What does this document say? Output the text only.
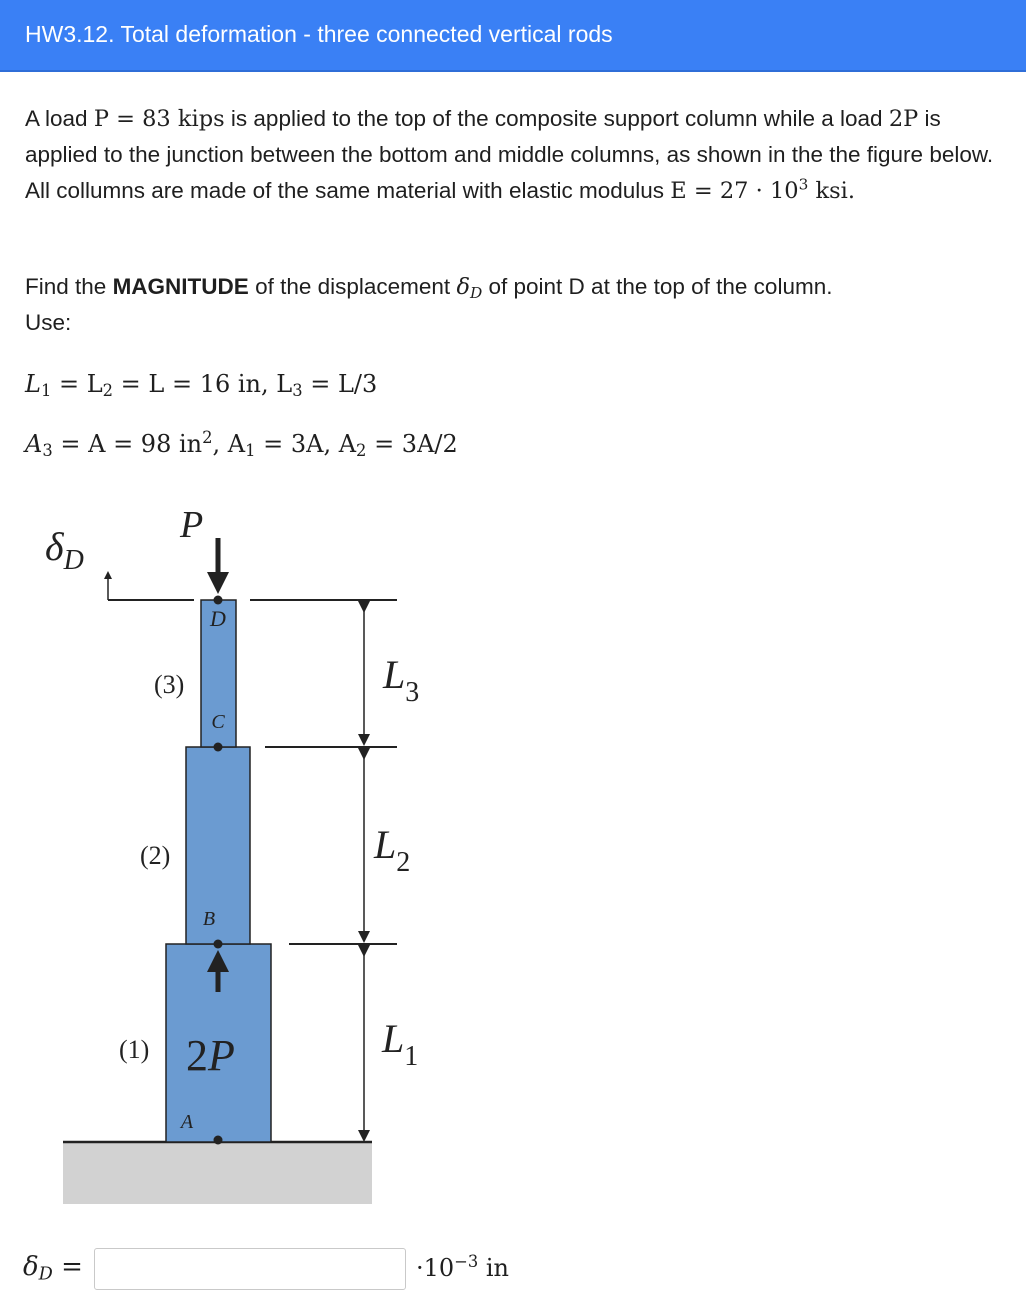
HW3.12. Total deformation - three connected vertical rods
A load P = 83 kips is applied to the top of the composite support column while a load 2P is applied to the junction between the bottom and middle columns, as shown in the the figure below. All collumns are made of the same material with elastic modulus $E = 27 \cdot 10^3$ ksi.
Find the MAGNITUDE of the displacement $\delta_D$ of point D at the top of the column.
Use:
$L_1 = L_2 = L = 16$ in, $L_3 = L/3$
$A_3 = A = 98$ $in^2$, $A_1 = 3A$, $A_2 = 3A/2$
D
C
B
A
(3)
(2)
(1)
P
2P
$\delta_D$
$L_3$
$L_2$
$L_1$
$\delta_D$ =	$\cdot 10^{-3}$ in
